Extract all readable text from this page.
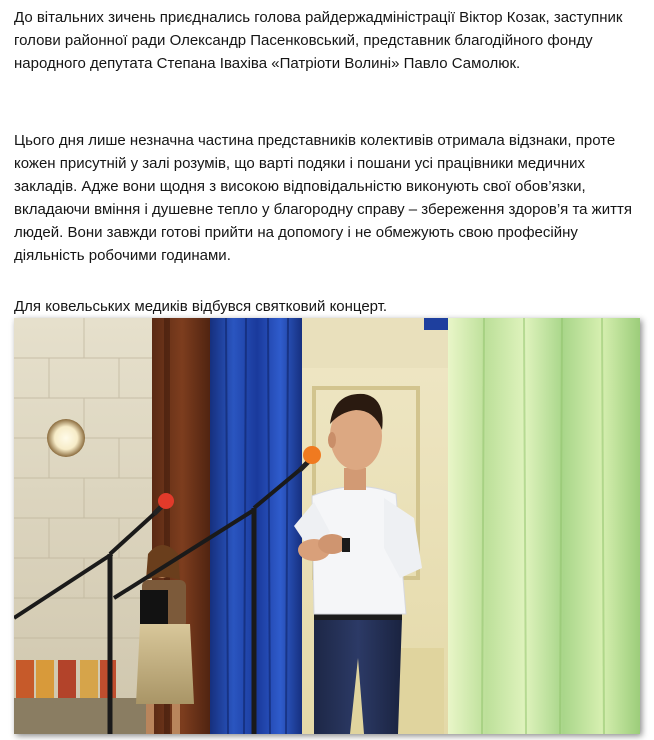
До вітальних зичень приєднались голова райдержадміністрації Віктор Козак, заступник голови районної ради Олександр Пасенковський, представник благодійного фонду народного депутата Степана Івахіва «Патріоти Волині» Павло Самолюк.

Цього дня лише незначна частина представників колективів отримала відзнаки, проте кожен присутній у залі розумів, що варті подяки і пошани усі працівники медичних закладів. Адже вони щодня з високою відповідальністю виконують свої обов’язки, вкладаючи вміння і душевне тепло у благородну справу – збереження здоров’я та життя людей. Вони завжди готові прийти на допомогу і не обмежують свою професійну діяльність робочими годинами.

Для ковельських медиків відбувся святковий концерт.
